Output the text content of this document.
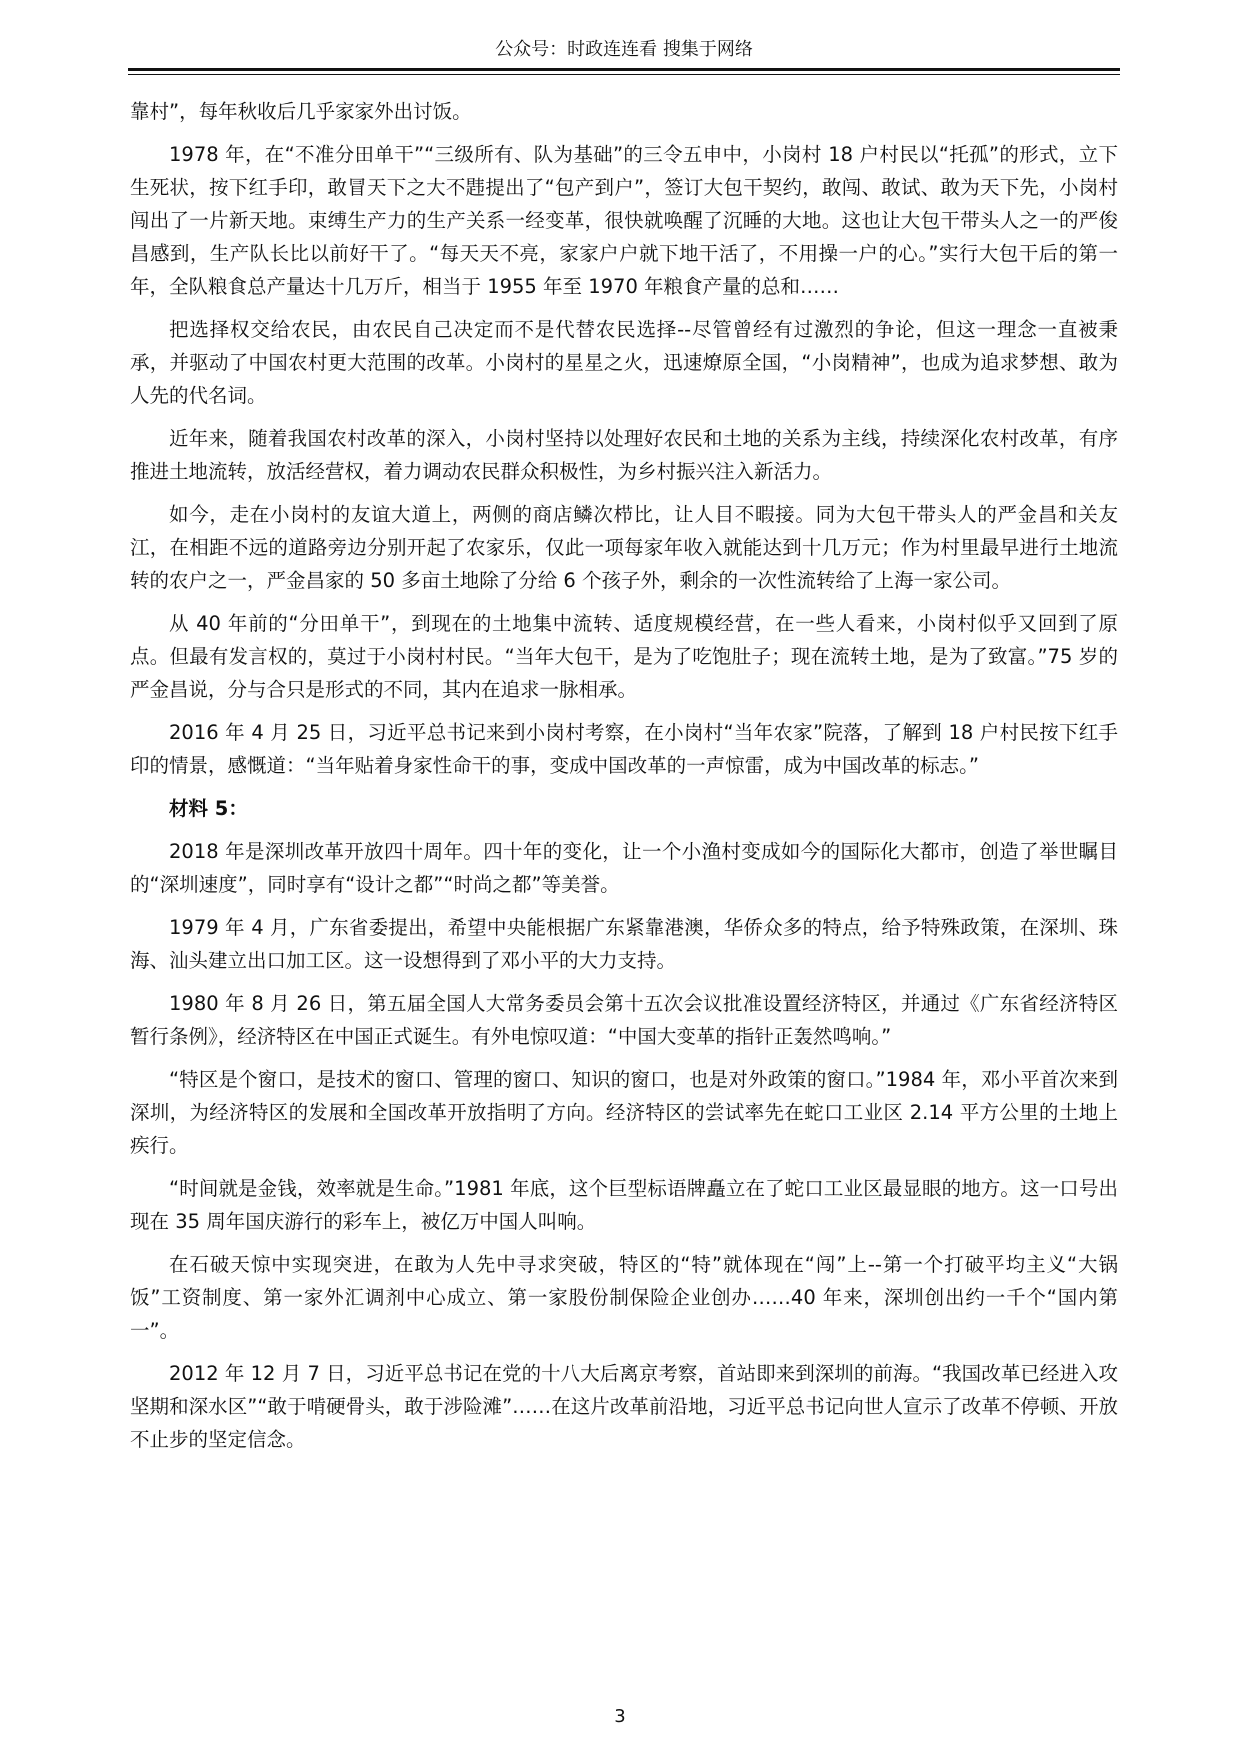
公众号：时政连连看 搜集于网络

靠村”，每年秋收后几乎家家外出讨饭。

1978 年，在“不准分田单干”“三级所有、队为基础”的三令五申中，小岗村 18 户村民以“托孤”的形式，立下生死状，按下红手印，敢冒天下之大不韪提出了“包产到户”，签订大包干契约，敢闯、敢试、敢为天下先，小岗村闯出了一片新天地。束缚生产力的生产关系一经变革，很快就唤醒了沉睡的大地。这也让大包干带头人之一的严俊昌感到，生产队长比以前好干了。“每天天不亮，家家户户就下地干活了，不用操一户的心。”实行大包干后的第一年，全队粮食总产量达十几万斤，相当于 1955 年至 1970 年粮食产量的总和……

把选择权交给农民，由农民自己决定而不是代替农民选择--尽管曾经有过激烈的争论，但这一理念一直被秉承，并驱动了中国农村更大范围的改革。小岗村的星星之火，迅速燎原全国，“小岗精神”，也成为追求梦想、敢为人先的代名词。

近年来，随着我国农村改革的深入，小岗村坚持以处理好农民和土地的关系为主线，持续深化农村改革，有序推进土地流转，放活经营权，着力调动农民群众积极性，为乡村振兴注入新活力。

如今，走在小岗村的友谊大道上，两侧的商店鳞次栉比，让人目不暇接。同为大包干带头人的严金昌和关友江，在相距不远的道路旁边分别开起了农家乐，仅此一项每家年收入就能达到十几万元；作为村里最早进行土地流转的农户之一，严金昌家的 50 多亩土地除了分给 6 个孩子外，剩余的一次性流转给了上海一家公司。

从 40 年前的“分田单干”，到现在的土地集中流转、适度规模经营，在一些人看来，小岗村似乎又回到了原点。但最有发言权的，莫过于小岗村村民。“当年大包干，是为了吃饱肚子；现在流转土地，是为了致富。”75 岁的严金昌说，分与合只是形式的不同，其内在追求一脉相承。

2016 年 4 月 25 日，习近平总书记来到小岗村考察，在小岗村“当年农家”院落，了解到 18 户村民按下红手印的情景，感慨道：“当年贴着身家性命干的事，变成中国改革的一声惊雷，成为中国改革的标志。”

材料 5：

2018 年是深圳改革开放四十周年。四十年的变化，让一个小渔村变成如今的国际化大都市，创造了举世瞩目的“深圳速度”，同时享有“设计之都”“时尚之都”等美誉。

1979 年 4 月，广东省委提出，希望中央能根据广东紧靠港澳，华侨众多的特点，给予特殊政策，在深圳、珠海、汕头建立出口加工区。这一设想得到了邓小平的大力支持。

1980 年 8 月 26 日，第五届全国人大常务委员会第十五次会议批准设置经济特区，并通过《广东省经济特区暂行条例》，经济特区在中国正式诞生。有外电惊叹道：“中国大变革的指针正轰然鸣响。”

“特区是个窗口，是技术的窗口、管理的窗口、知识的窗口，也是对外政策的窗口。”1984 年，邓小平首次来到深圳，为经济特区的发展和全国改革开放指明了方向。经济特区的尝试率先在蛇口工业区 2.14 平方公里的土地上疾行。

“时间就是金钱，效率就是生命。”1981 年底，这个巨型标语牌矗立在了蛇口工业区最显眼的地方。这一口号出现在 35 周年国庆游行的彩车上，被亿万中国人叫响。

在石破天惊中实现突进，在敢为人先中寻求突破，特区的“特”就体现在“闯”上--第一个打破平均主义“大锅饭”工资制度、第一家外汇调剂中心成立、第一家股份制保险企业创办……40 年来，深圳创出约一千个“国内第一”。

2012 年 12 月 7 日，习近平总书记在党的十八大后离京考察，首站即来到深圳的前海。“我国改革已经进入攻坚期和深水区”“敢于啃硬骨头，敢于涉险滩”……在这片改革前沿地，习近平总书记向世人宣示了改革不停顿、开放不止步的坚定信念。

3
